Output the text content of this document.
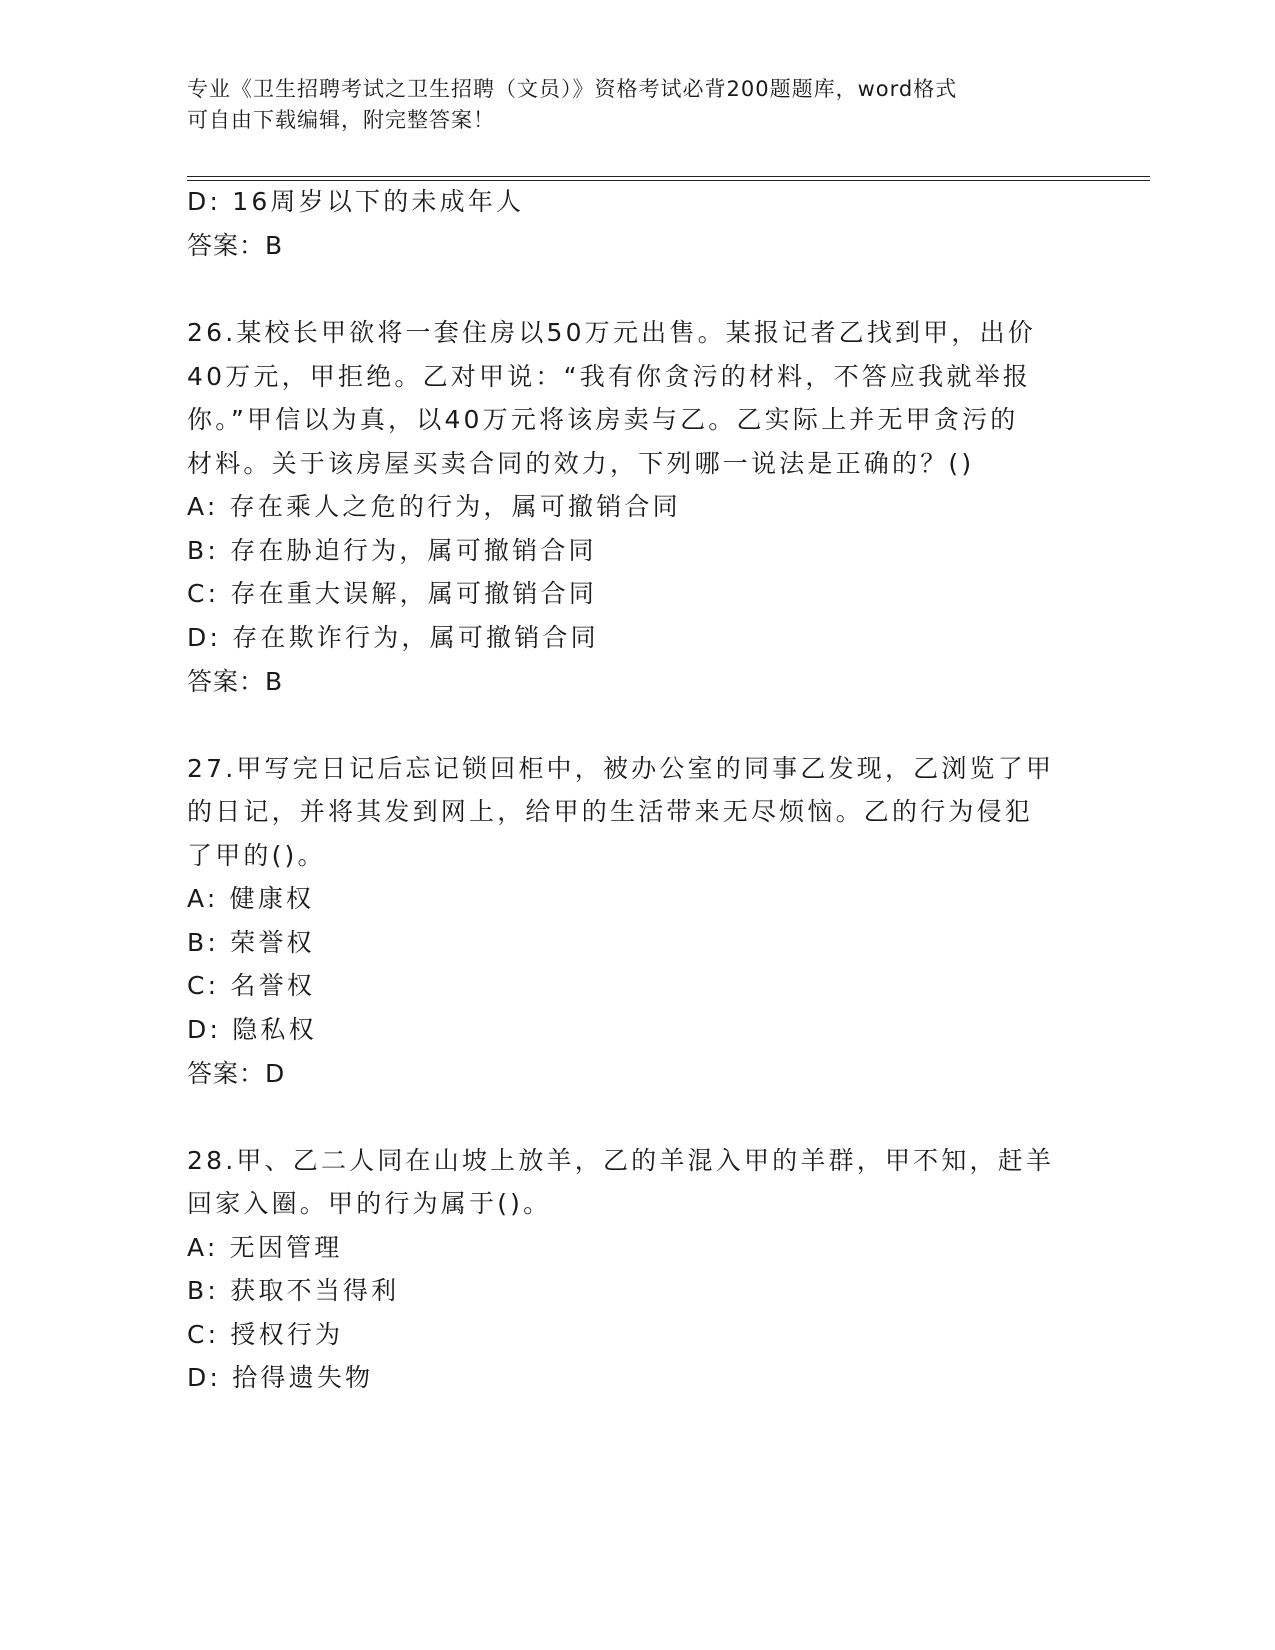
专业《卫生招聘考试之卫生招聘（文员）》资格考试必背200题题库，word格式
可自由下载编辑，附完整答案！
D: 16周岁以下的未成年人
答案：B
26.某校长甲欲将一套住房以50万元出售。某报记者乙找到甲，出价
40万元，甲拒绝。乙对甲说：“我有你贪污的材料，不答应我就举报
你。”甲信以为真，以40万元将该房卖与乙。乙实际上并无甲贪污的
材料。关于该房屋买卖合同的效力，下列哪一说法是正确的？()
A: 存在乘人之危的行为，属可撤销合同
B: 存在胁迫行为，属可撤销合同
C: 存在重大误解，属可撤销合同
D: 存在欺诈行为，属可撤销合同
答案：B
27.甲写完日记后忘记锁回柜中，被办公室的同事乙发现，乙浏览了甲
的日记，并将其发到网上，给甲的生活带来无尽烦恼。乙的行为侵犯
了甲的()。
A: 健康权
B: 荣誉权
C: 名誉权
D: 隐私权
答案：D
28.甲、乙二人同在山坡上放羊，乙的羊混入甲的羊群，甲不知，赶羊
回家入圈。甲的行为属于()。
A: 无因管理
B: 获取不当得利
C: 授权行为
D: 拾得遗失物
